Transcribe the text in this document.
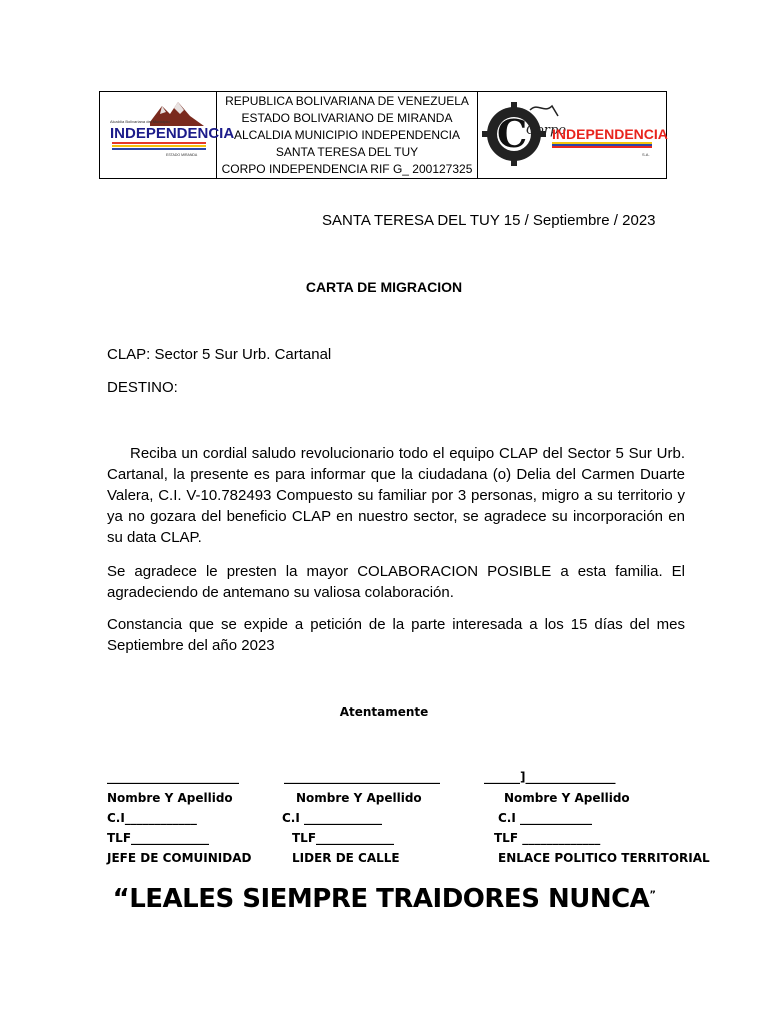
Alcaldía Bolivariana del Municipio
INDEPENDENCIA
ESTADO MIRANDA
REPUBLICA BOLIVARIANA DE VENEZUELA
ESTADO BOLIVARIANO DE MIRANDA
ALCALDIA MUNICIPIO INDEPENDENCIA
SANTA TERESA DEL TUY
CORPO INDEPENDENCIA RIF G_ 200127325
C
Corpo
INDEPENDENCIA
S.A.
SANTA TERESA DEL TUY 15 / Septiembre / 2023
CARTA DE MIGRACION
CLAP: Sector 5 Sur Urb. Cartanal
DESTINO:
Reciba un cordial saludo revolucionario todo el equipo CLAP del Sector 5 Sur Urb. Cartanal, la presente es para informar que la ciudadana (o) Delia del Carmen Duarte Valera, C.I. V-10.782493 Compuesto su familiar por 3 personas, migro a su territorio y ya no gozara del beneficio CLAP en nuestro sector, se agradece su incorporación en su data CLAP.
Se agradece le presten la mayor COLABORACION POSIBLE a esta familia. El agradeciendo de antemano su valiosa colaboración.
Constancia que se expide a petición de la parte interesada a los 15 días del mes Septiembre del año 2023
Atentamente
______________________
Nombre Y Apellido
C.I____________
TLF_____________
JEFE DE COMUINIDAD
__________________________
Nombre Y Apellido
C.I _____________
TLF_____________
LIDER DE CALLE
______]_______________
Nombre Y Apellido
C.I ____________
TLF _____________
ENLACE POLITICO TERRITORIAL
“LEALES SIEMPRE TRAIDORES NUNCA”
